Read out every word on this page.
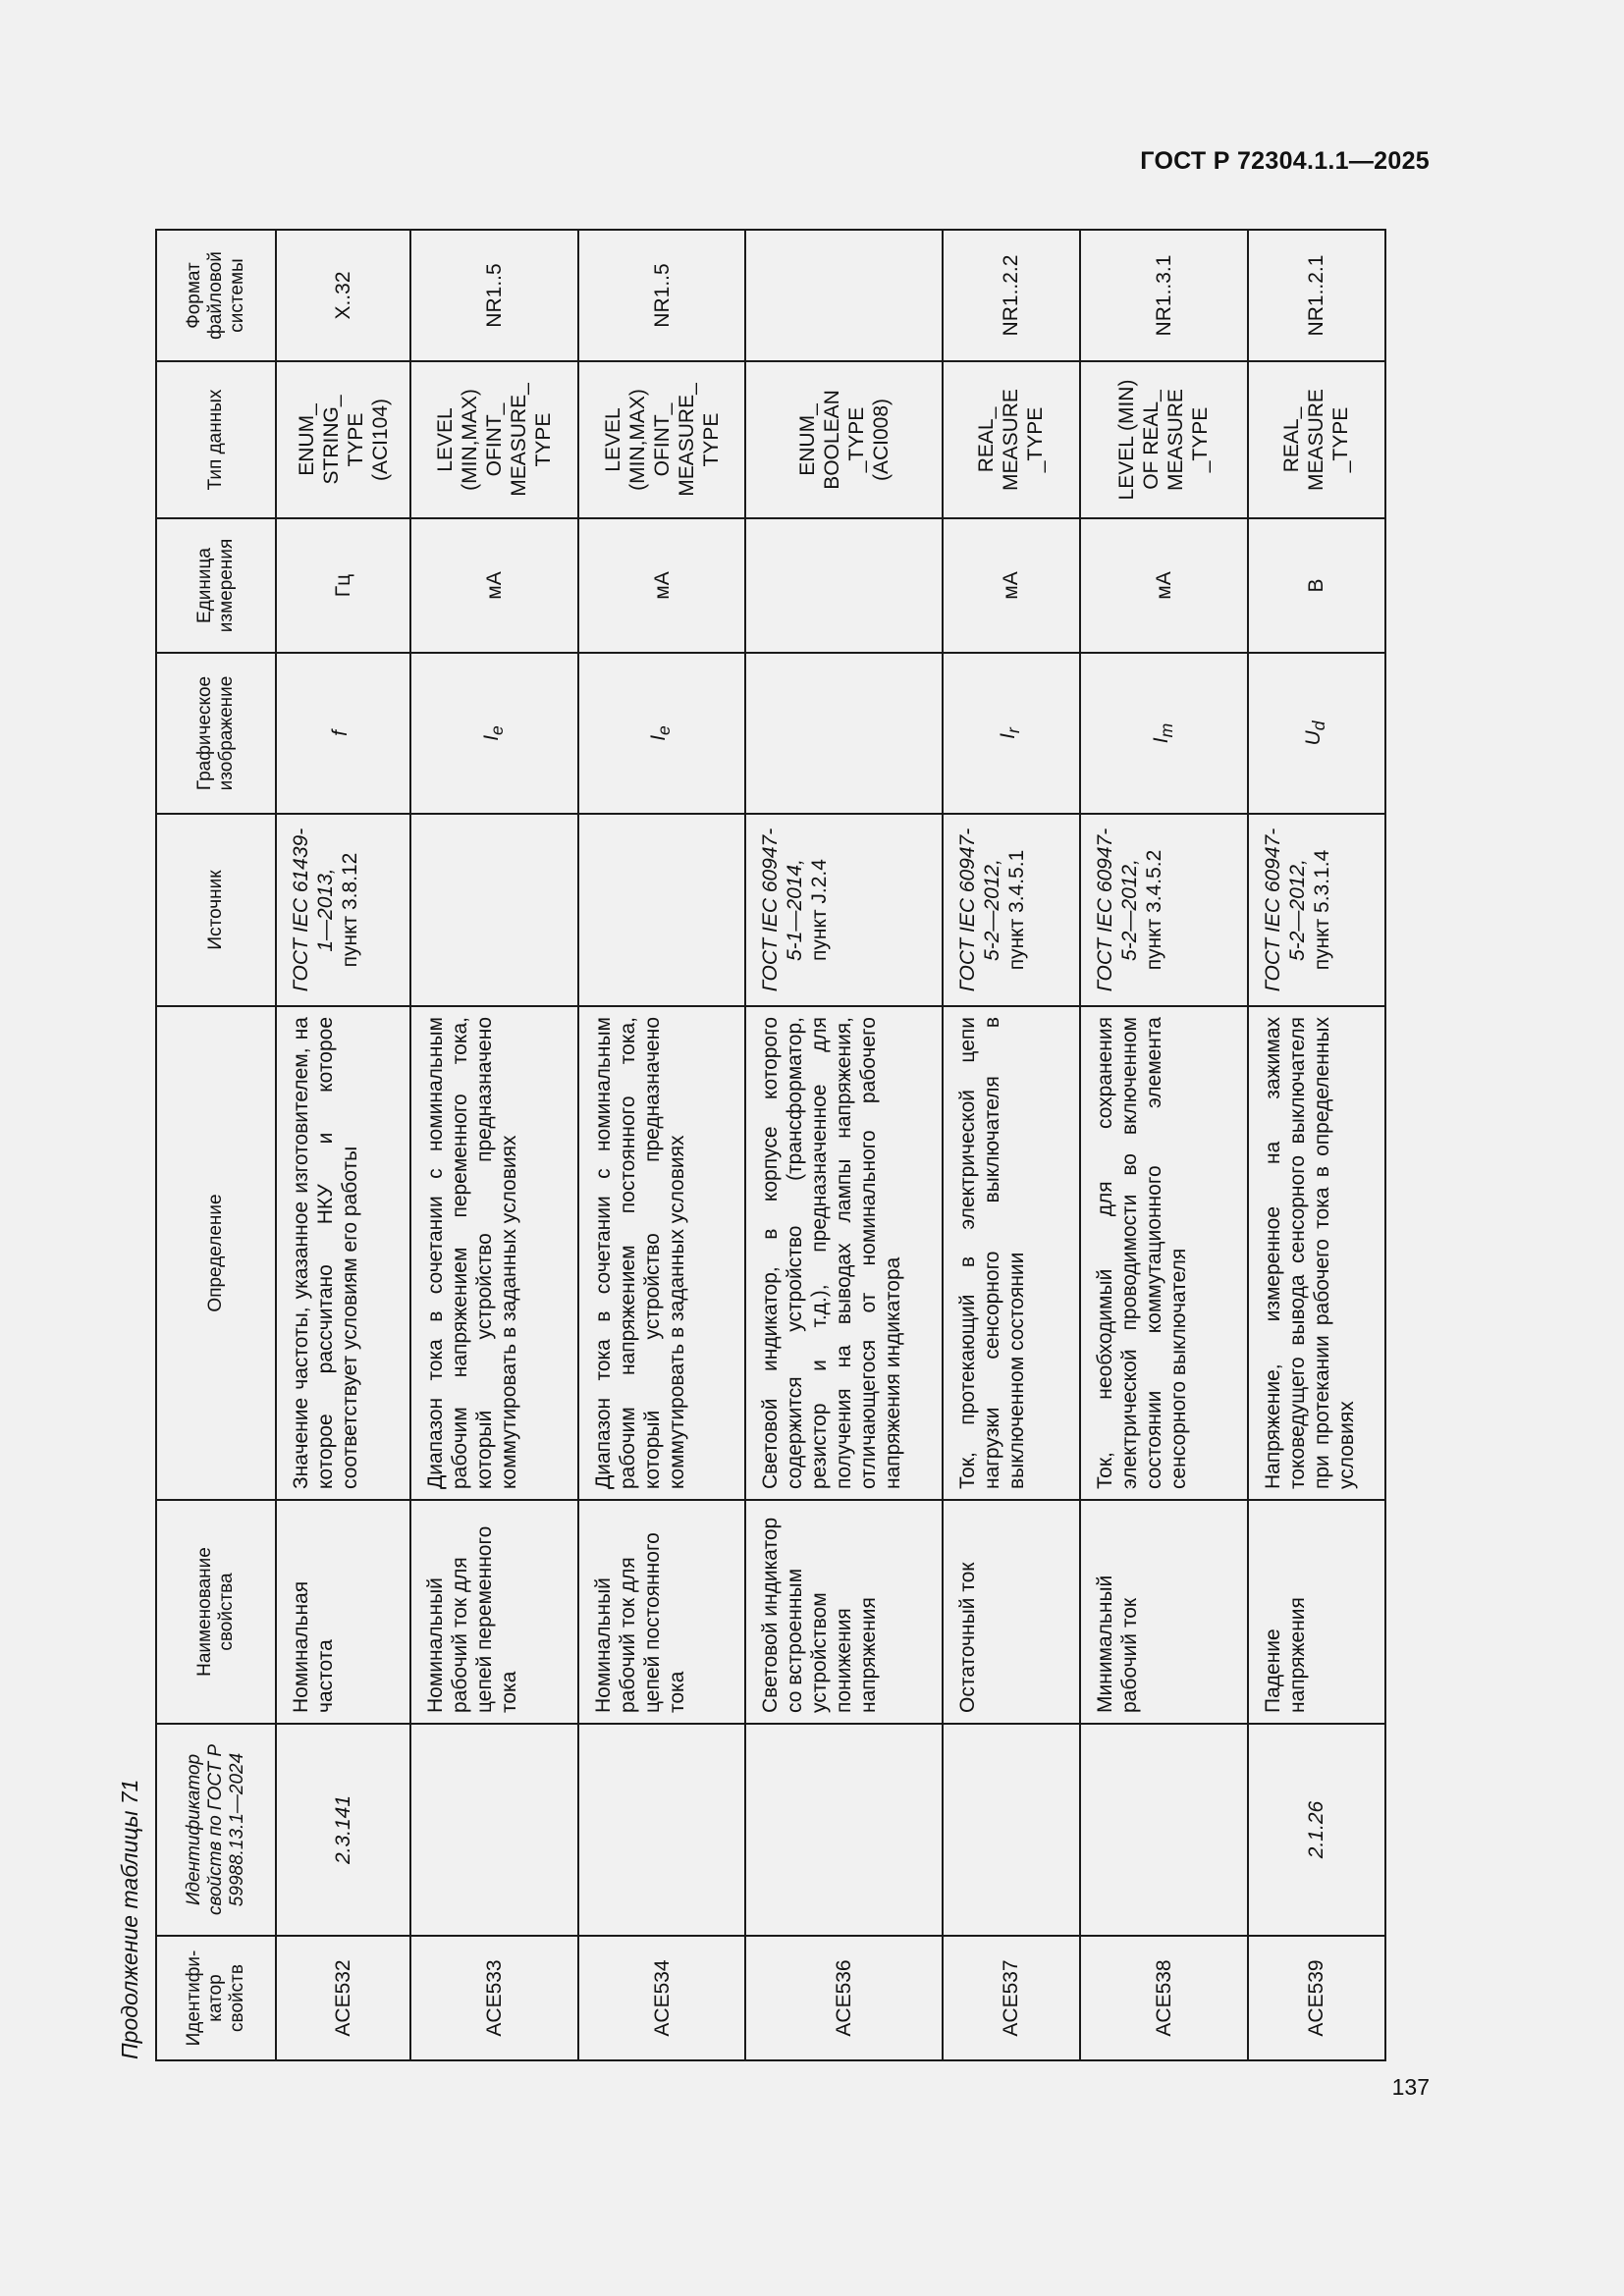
ГОСТ Р 72304.1.1—2025
Продолжение таблицы 71	Идентифи-катор свойств	Идентификатор свойств по ГОСТ Р 59988.13.1—2024	Наименование свойства	Определение	Источник	Графическое изображение	Единица измерения	Тип данных	Формат файловой системы
ACE532	2.3.141	Номинальная частота	Значение частоты, указанное изготовителем, на которое рассчитано НКУ и которое соответствует условиям его работы	ГОСТ IEC 61439-1—2013, пункт 3.8.12	f	Гц	ENUM_ STRING_ TYPE (ACI104)	X..32
ACE533		Номинальный рабочий ток для цепей переменного тока	Диапазон тока в сочетании с номинальным рабочим напряжением переменного тока, который устройство предназначено коммутировать в заданных условиях		$I_e$	мА	LEVEL (MIN,MAX) OFINT_ MEASURE_ TYPE	NR1..5
ACE534		Номинальный рабочий ток для цепей постоянного тока	Диапазон тока в сочетании с номинальным рабочим напряжением постоянного тока, который устройство предназначено коммутировать в заданных условиях		$I_e$	мА	LEVEL (MIN,MAX) OFINT_ MEASURE_ TYPE	NR1..5
ACE536		Световой индикатор со встроенным устройством понижения напряжения	Световой индикатор, в корпусе которого содержится устройство (трансформатор, резистор и т.д.), предназначенное для получения на выводах лампы напряжения, отличающегося от номинального рабочего напряжения индикатора	ГОСТ IEC 60947-5-1—2014, пункт J.2.4			ENUM_ BOOLEAN _TYPE (ACI008)	
ACE537		Остаточный ток	Ток, протекающий в электрической цепи нагрузки сенсорного выключателя в выключенном состоянии	ГОСТ IEC 60947-5-2—2012, пункт 3.4.5.1	$I_r$	мА	REAL_ MEASURE _TYPE	NR1..2.2
ACE538		Минимальный рабочий ток	Ток, необходимый для сохранения электрической проводимости во включенном состоянии коммутационного элемента сенсорного выключателя	ГОСТ IEC 60947-5-2—2012, пункт 3.4.5.2	$I_m$	мА	LEVEL (MIN) OF REAL_ MEASURE _TYPE	NR1..3.1
ACE539	2.1.26	Падение напряжения	Напряжение, измеренное на зажимах токоведущего вывода сенсорного выключателя при протекании рабочего тока в определенных условиях	ГОСТ IEC 60947-5-2—2012, пункт 5.3.1.4	$U_d$	В	REAL_ MEASURE _TYPE	NR1..2.1
137
